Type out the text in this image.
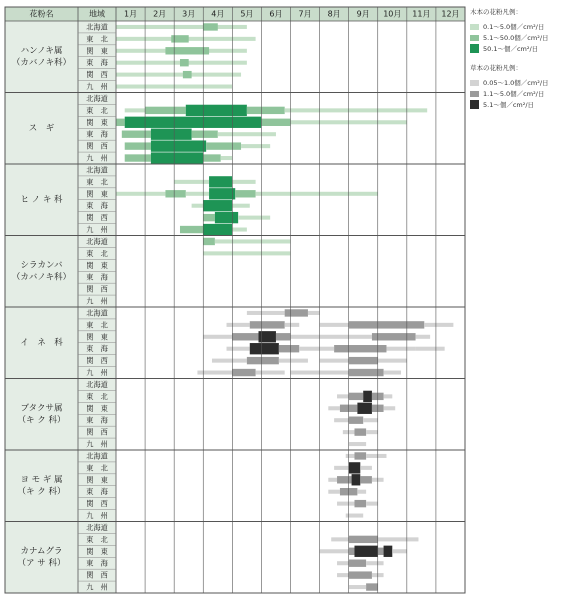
花粉名	地域 1月 2月 3月 4月 5月 6月 7月 8月 9月 10月 11月 12月
ハンノキ属
（カバノキ科）
北海道
東　北
関　東
東　海
関　西
九　州
ス　ギ
北海道
東　北
関　東
東　海
関　西
九　州
ヒ ノ キ 科
北海道
東　北
関　東
東　海
関　西
九　州
シラカンバ
（カバノキ科）
北海道
東　北
関　東
東　海
関　西
九　州
イ　ネ　科
北海道
東　北
関　東
東　海
関　西
九　州
ブタクサ属
（キ ク 科）
北海道
東　北
関　東
東　海
関　西
九　州
ヨ モ ギ 属
（キ ク 科）
北海道
東　北
関　東
東　海
関　西
九　州
カナムグラ
（ア サ 科）
北海道
東　北
関　東
東　海
関　西
九　州
木本の花粉凡例：
0.1～5.0個／cm²/日
5.1～50.0個／cm²/日
50.1～個／cm²/日
草本の花粉凡例：
0.05～1.0個／cm²/日
1.1～5.0個／cm²/日
5.1～個／cm²/日
